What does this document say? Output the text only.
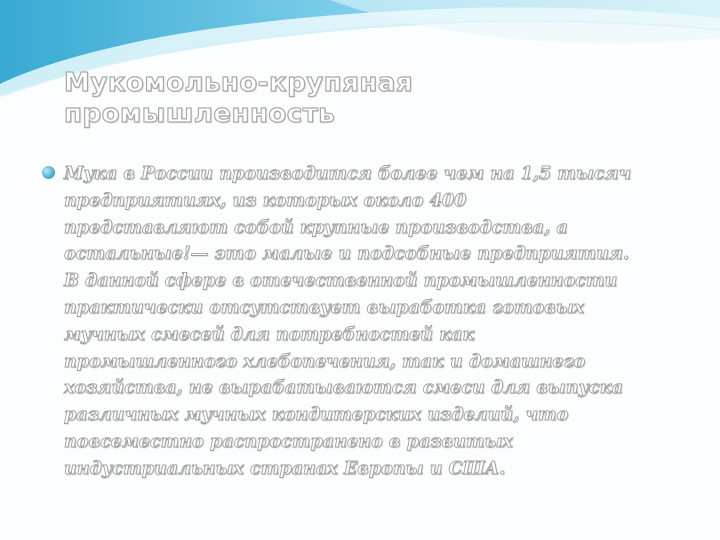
Мукомольно-крупяная промышленность

Мука в России производится более чем на 1,5 тысяч
предприятиях, из которых около 400
представляют собой крупные производства, а
остальные!— это малые и подсобные предприятия.
В данной сфере в отечественной промышленности
практически отсутствует выработка готовых
мучных смесей для потребностей как
промышленного хлебопечения, так и домашнего
хозяйства, не вырабатываются смеси для выпуска
различных мучных кондитерских изделий, что
повсеместно распространено в развитых
индустриальных странах Европы и США.
